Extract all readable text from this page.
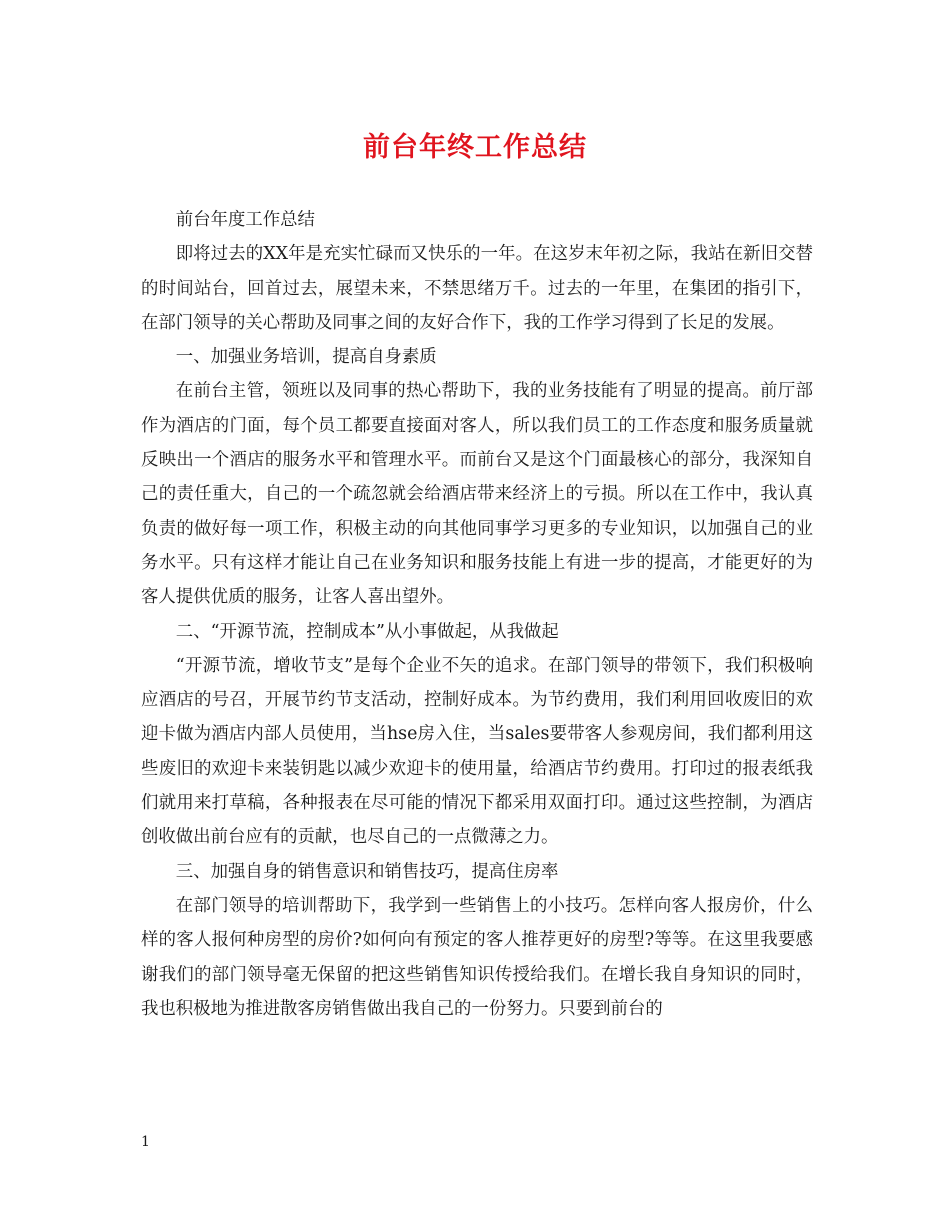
前台年终工作总结

前台年度工作总结

即将过去的XX年是充实忙碌而又快乐的一年。在这岁末年初之际，我站在新旧交替的时间站台，回首过去，展望未来，不禁思绪万千。过去的一年里，在集团的指引下，在部门领导的关心帮助及同事之间的友好合作下，我的工作学习得到了长足的发展。

一、加强业务培训，提高自身素质

在前台主管，领班以及同事的热心帮助下，我的业务技能有了明显的提高。前厅部作为酒店的门面，每个员工都要直接面对客人，所以我们员工的工作态度和服务质量就反映出一个酒店的服务水平和管理水平。而前台又是这个门面最核心的部分，我深知自己的责任重大，自己的一个疏忽就会给酒店带来经济上的亏损。所以在工作中，我认真负责的做好每一项工作，积极主动的向其他同事学习更多的专业知识，以加强自己的业务水平。只有这样才能让自己在业务知识和服务技能上有进一步的提高，才能更好的为客人提供优质的服务，让客人喜出望外。

二、“开源节流，控制成本”从小事做起，从我做起

“开源节流，增收节支”是每个企业不矢的追求。在部门领导的带领下，我们积极响应酒店的号召，开展节约节支活动，控制好成本。为节约费用，我们利用回收废旧的欢迎卡做为酒店内部人员使用，当hse房入住，当sales要带客人参观房间，我们都利用这些废旧的欢迎卡来装钥匙以减少欢迎卡的使用量，给酒店节约费用。打印过的报表纸我们就用来打草稿，各种报表在尽可能的情况下都采用双面打印。通过这些控制，为酒店创收做出前台应有的贡献，也尽自己的一点微薄之力。

三、加强自身的销售意识和销售技巧，提高住房率

在部门领导的培训帮助下，我学到一些销售上的小技巧。怎样向客人报房价，什么样的客人报何种房型的房价?如何向有预定的客人推荐更好的房型?等等。在这里我要感谢我们的部门领导毫无保留的把这些销售知识传授给我们。在增长我自身知识的同时，我也积极地为推进散客房销售做出我自己的一份努力。只要到前台的

1
